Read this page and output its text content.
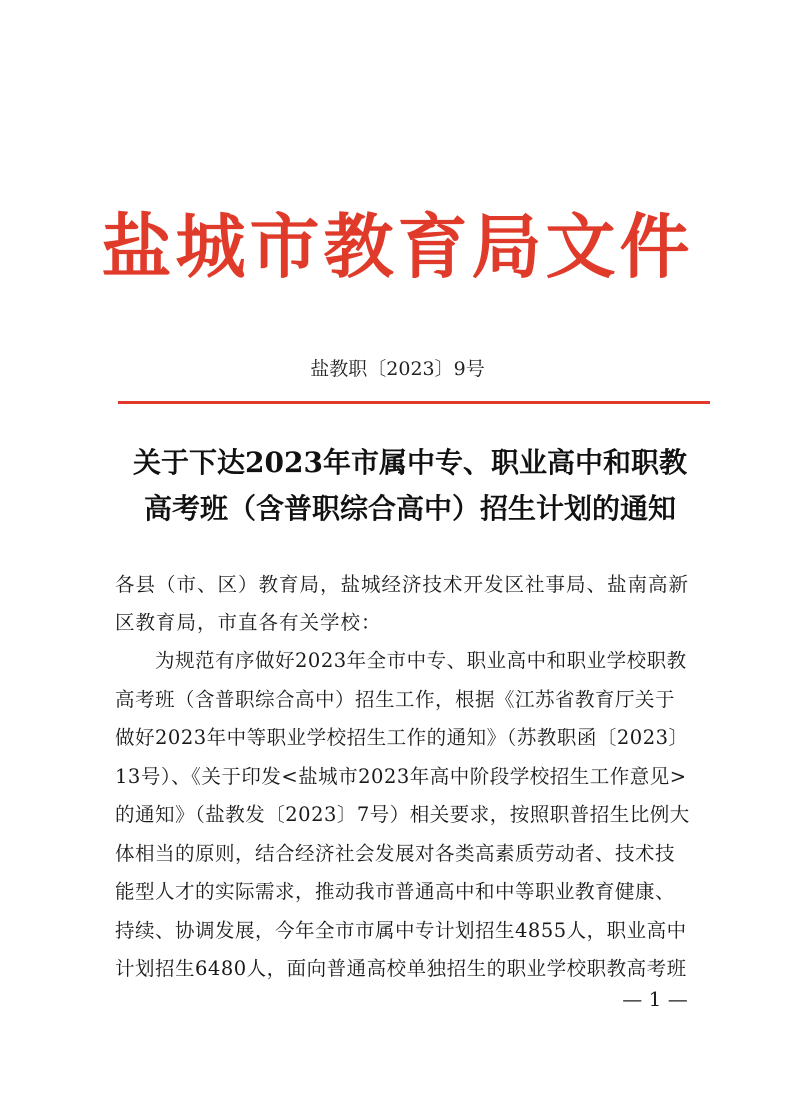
盐城市教育局文件
盐教职〔2023〕9号
关于下达2023年市属中专、职业高中和职教
高考班（含普职综合高中）招生计划的通知
各县（市、区）教育局，盐城经济技术开发区社事局、盐南高新
区教育局，市直各有关学校：
为规范有序做好2023年全市中专、职业高中和职业学校职教
高考班（含普职综合高中）招生工作，根据《江苏省教育厅关于
做好2023年中等职业学校招生工作的通知》（苏教职函〔2023〕
13号）、《关于印发<盐城市2023年高中阶段学校招生工作意见>
的通知》（盐教发〔2023〕7号）相关要求，按照职普招生比例大
体相当的原则，结合经济社会发展对各类高素质劳动者、技术技
能型人才的实际需求，推动我市普通高中和中等职业教育健康、
持续、协调发展，今年全市市属中专计划招生4855人，职业高中
计划招生6480人，面向普通高校单独招生的职业学校职教高考班
— 1 —
